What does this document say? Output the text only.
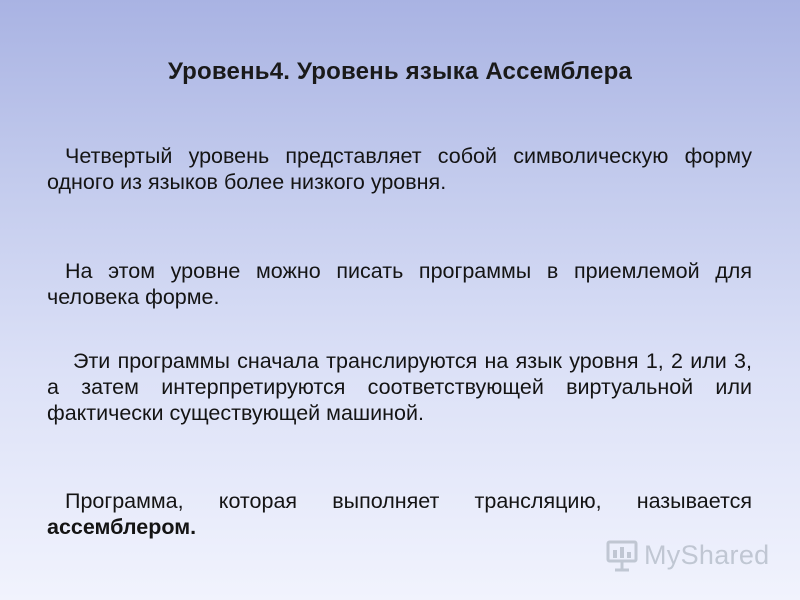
Уровень4. Уровень языка Ассемблера
Четвертый уровень представляет собой символическую форму одного из языков более низкого уровня.
На этом уровне можно писать программы в приемлемой для человека форме.
Эти программы сначала транслируются на язык уровня 1, 2 или 3, а затем интерпретируются соответствующей виртуальной или фактически существующей машиной.
Программа, которая выполняет трансляцию, называется ассемблером.
MyShared
